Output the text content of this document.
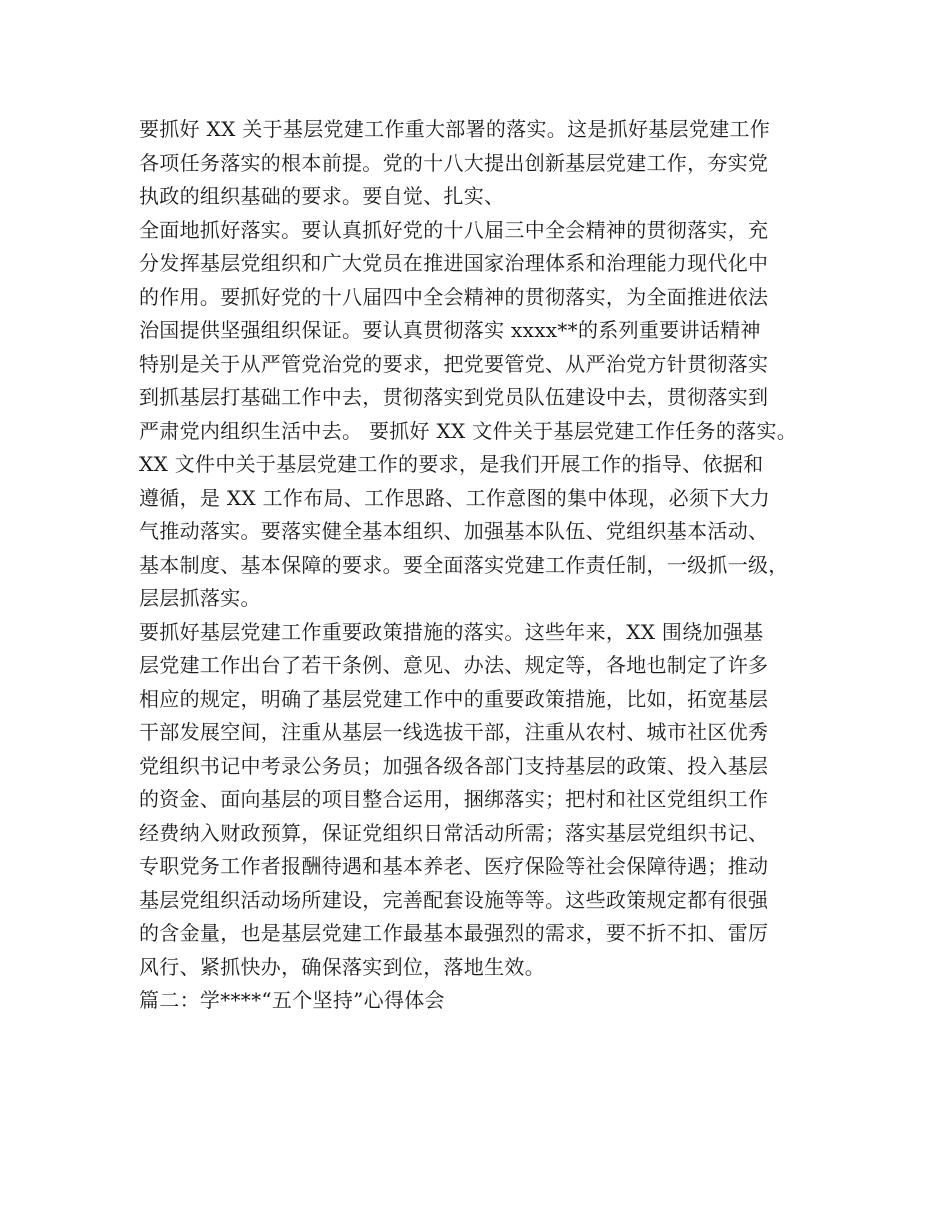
要抓好 XX 关于基层党建工作重大部署的落实。这是抓好基层党建工作
各项任务落实的根本前提。党的十八大提出创新基层党建工作，夯实党
执政的组织基础的要求。要自觉、扎实、
全面地抓好落实。要认真抓好党的十八届三中全会精神的贯彻落实，充
分发挥基层党组织和广大党员在推进国家治理体系和治理能力现代化中
的作用。要抓好党的十八届四中全会精神的贯彻落实，为全面推进依法
治国提供坚强组织保证。要认真贯彻落实 xxxx**的系列重要讲话精神
特别是关于从严管党治党的要求，把党要管党、从严治党方针贯彻落实
到抓基层打基础工作中去，贯彻落实到党员队伍建设中去，贯彻落实到
严肃党内组织生活中去。 要抓好 XX 文件关于基层党建工作任务的落实。
XX 文件中关于基层党建工作的要求，是我们开展工作的指导、依据和
遵循，是 XX 工作布局、工作思路、工作意图的集中体现，必须下大力
气推动落实。要落实健全基本组织、加强基本队伍、党组织基本活动、
基本制度、基本保障的要求。要全面落实党建工作责任制，一级抓一级，
层层抓落实。
要抓好基层党建工作重要政策措施的落实。这些年来，XX 围绕加强基
层党建工作出台了若干条例、意见、办法、规定等，各地也制定了许多
相应的规定，明确了基层党建工作中的重要政策措施，比如，拓宽基层
干部发展空间，注重从基层一线选拔干部，注重从农村、城市社区优秀
党组织书记中考录公务员；加强各级各部门支持基层的政策、投入基层
的资金、面向基层的项目整合运用，捆绑落实；把村和社区党组织工作
经费纳入财政预算，保证党组织日常活动所需；落实基层党组织书记、
专职党务工作者报酬待遇和基本养老、医疗保险等社会保障待遇；推动
基层党组织活动场所建设，完善配套设施等等。这些政策规定都有很强
的含金量，也是基层党建工作最基本最强烈的需求，要不折不扣、雷厉
风行、紧抓快办，确保落实到位，落地生效。
篇二：学****“五个坚持”心得体会
